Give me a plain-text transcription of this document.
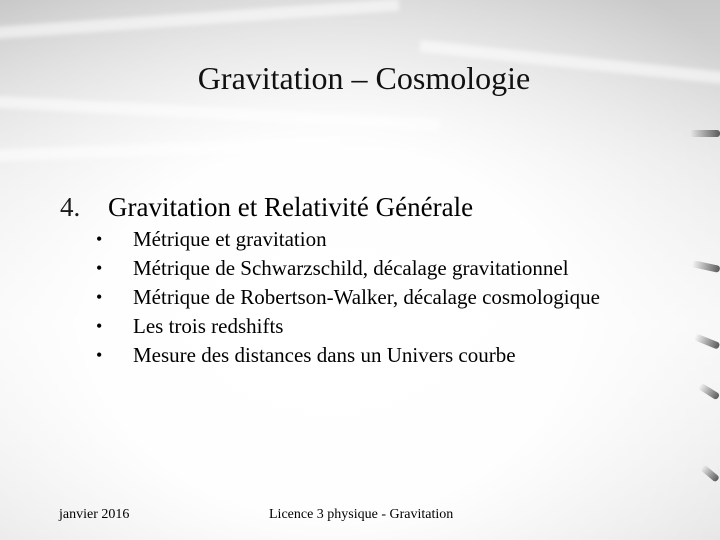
Gravitation – Cosmologie
4. Gravitation et Relativité Générale
• Métrique et gravitation
• Métrique de Schwarzschild, décalage gravitationnel
• Métrique de Robertson-Walker, décalage cosmologique
• Les trois redshifts
• Mesure des distances dans un Univers courbe
janvier 2016	Licence 3 physique - Gravitation
